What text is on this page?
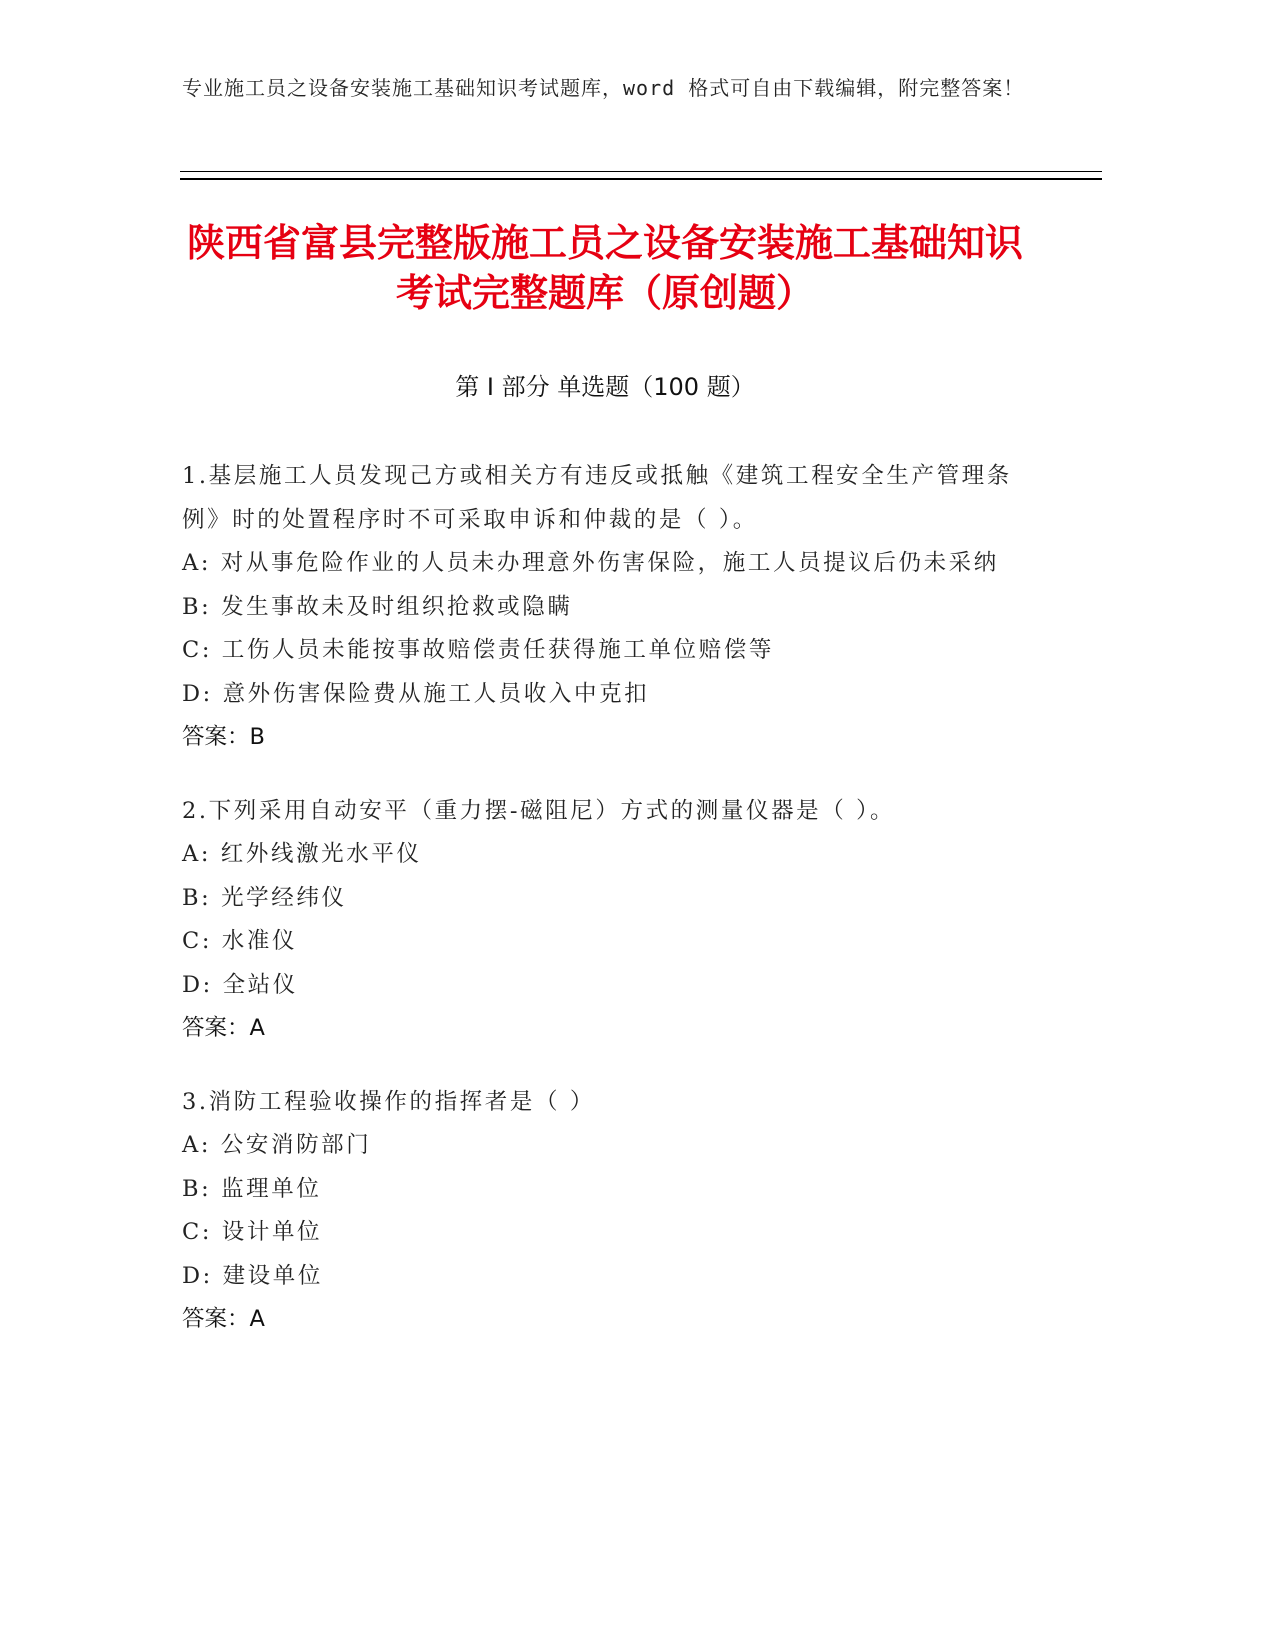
专业施工员之设备安装施工基础知识考试题库，word 格式可自由下载编辑，附完整答案！
陕西省富县完整版施工员之设备安装施工基础知识考试完整题库（原创题）
第 I 部分 单选题（100 题）
1.基层施工人员发现己方或相关方有违反或抵触《建筑工程安全生产管理条例》时的处置程序时不可采取申诉和仲裁的是（ ）。
A: 对从事危险作业的人员未办理意外伤害保险，施工人员提议后仍未采纳
B: 发生事故未及时组织抢救或隐瞒
C: 工伤人员未能按事故赔偿责任获得施工单位赔偿等
D: 意外伤害保险费从施工人员收入中克扣
答案：B
2.下列采用自动安平（重力摆-磁阻尼）方式的测量仪器是（ ）。
A: 红外线激光水平仪
B: 光学经纬仪
C: 水准仪
D: 全站仪
答案：A
3.消防工程验收操作的指挥者是（ ）
A: 公安消防部门
B: 监理单位
C: 设计单位
D: 建设单位
答案：A
